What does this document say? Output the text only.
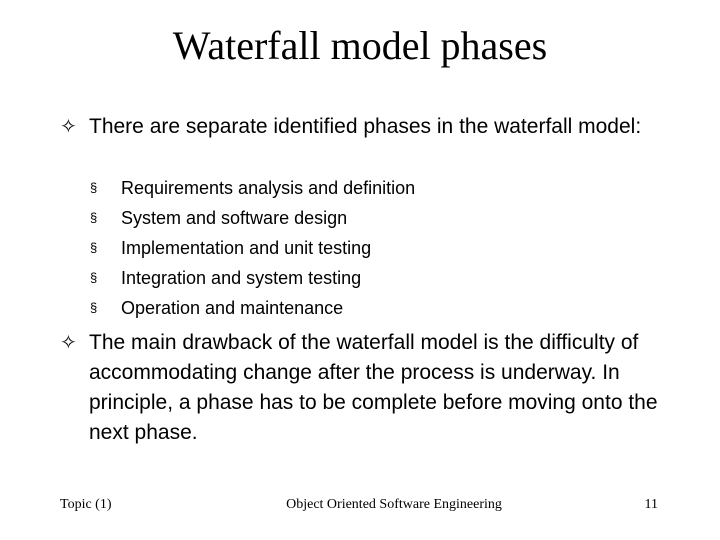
Waterfall model phases
✧ There are separate identified phases in the waterfall model:
§ Requirements analysis and definition
§ System and software design
§ Implementation and unit testing
§ Integration and system testing
§ Operation and maintenance
✧ The main drawback of the waterfall model is the difficulty of accommodating change after the process is underway. In principle, a phase has to be complete before moving onto the next phase.
Topic (1)	Object Oriented Software Engineering	11
